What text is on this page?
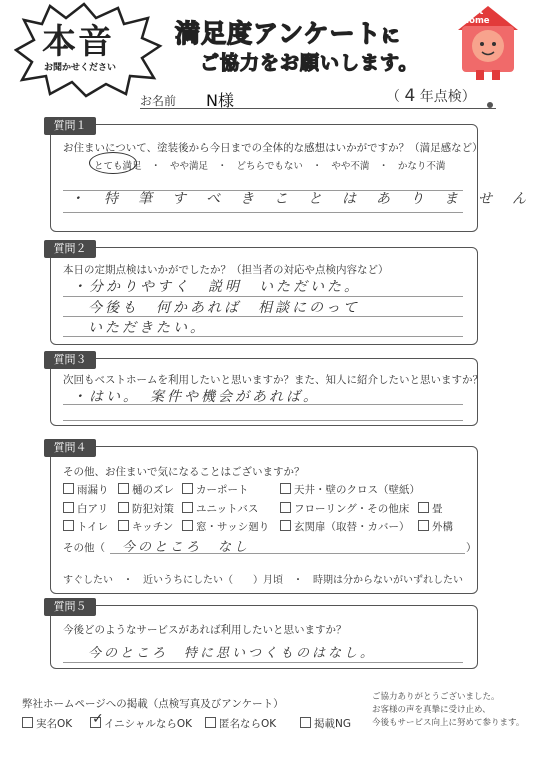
本音
お聞かせください
満足度アンケートに
ご協力をお願いします。
Best Home
お名前 N様	（ 4 年点検）
質問１
お住まいについて、塗装後から今日までの全体的な感想はいかがですか？（満足感など）
とても満足　・　やや満足　・　どちらでもない　・　やや不満　・　かなり不満
・　特　筆　す　べ　き　こ　と　は　あ　り　ま　せ　ん
質問２
本日の定期点検はいかがでしたか？（担当者の対応や点検内容など）
・分かりやすく　説明　いただいた。
今後も　何かあれば　相談にのって
いただきたい。
質問３
次回もベストホームを利用したいと思いますか？また、知人に紹介したいと思いますか？
・はい。　案件や機会があれば。
質問４
その他、お住まいで気になることはございますか？
雨漏り	樋のズレ	カーポート	天井・壁のクロス（壁紙）
白アリ	防犯対策	ユニットバス	フローリング・その他床	畳
トイレ	キッチン	窓・サッシ廻り	玄関扉（取替・カバー）	外構
その他（ 今のところ　なし	）
すぐしたい　・　近いうちにしたい（　　）月頃　・　時期は分からないがいずれしたい
質問５
今後どのようなサービスがあれば利用したいと思いますか？
今のところ　特に思いつくものはなし。
弊社ホームページへの掲載（点検写真及びアンケート）
実名OK	イニシャルならOK	匿名ならOK	掲載NG
✓
ご協力ありがとうございました。
お客様の声を真摯に受け止め、
今後もサービス向上に努めて参ります。
